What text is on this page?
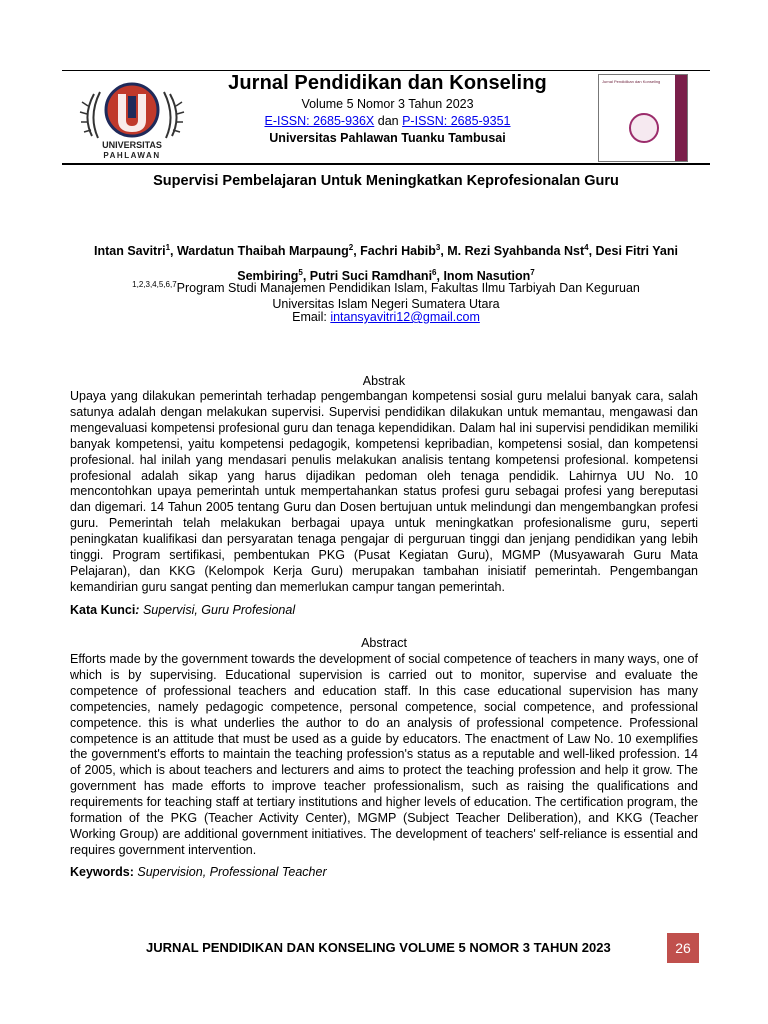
UNIVERSITAS
PAHLAWAN
Jurnal Pendidikan dan Konseling
Jurnal Pendidikan dan Konseling
Volume 5 Nomor 3 Tahun 2023
E-ISSN: 2685-936X dan P-ISSN: 2685-9351
Universitas Pahlawan Tuanku Tambusai
Supervisi Pembelajaran Untuk Meningkatkan Keprofesionalan Guru
Intan Savitri$^1$, Wardatun Thaibah Marpaung$^2$, Fachri Habib$^3$, M. Rezi Syahbanda Nst$^4$, Desi Fitri Yani Sembiring$^5$, Putri Suci Ramdhani$^6$, Inom Nasution$^7$
$^{1,2,3,4,5,6,7}$Program Studi Manajemen Pendidikan Islam, Fakultas Ilmu Tarbiyah Dan Keguruan
Universitas Islam Negeri Sumatera Utara
Email: intansyavitri12@gmail.com
Abstrak
Upaya yang dilakukan pemerintah terhadap pengembangan kompetensi sosial guru melalui banyak cara, salah satunya adalah dengan melakukan supervisi. Supervisi pendidikan dilakukan untuk memantau, mengawasi dan mengevaluasi kompetensi profesional guru dan tenaga kependidikan. Dalam hal ini supervisi pendidikan memiliki banyak kompetensi, yaitu kompetensi pedagogik, kompetensi kepribadian, kompetensi sosial, dan kompetensi profesional. hal inilah yang mendasari penulis melakukan analisis tentang kompetensi profesional. kompetensi profesional adalah sikap yang harus dijadikan pedoman oleh tenaga pendidik. Lahirnya UU No. 10 mencontohkan upaya pemerintah untuk mempertahankan status profesi guru sebagai profesi yang bereputasi dan digemari. 14 Tahun 2005 tentang Guru dan Dosen bertujuan untuk melindungi dan mengembangkan profesi guru. Pemerintah telah melakukan berbagai upaya untuk meningkatkan profesionalisme guru, seperti peningkatan kualifikasi dan persyaratan tenaga pengajar di perguruan tinggi dan jenjang pendidikan yang lebih tinggi. Program sertifikasi, pembentukan PKG (Pusat Kegiatan Guru), MGMP (Musyawarah Guru Mata Pelajaran), dan KKG (Kelompok Kerja Guru) merupakan tambahan inisiatif pemerintah. Pengembangan kemandirian guru sangat penting dan memerlukan campur tangan pemerintah.
Kata Kunci: Supervisi, Guru Profesional
Abstract
Efforts made by the government towards the development of social competence of teachers in many ways, one of which is by supervising. Educational supervision is carried out to monitor, supervise and evaluate the competence of professional teachers and education staff. In this case educational supervision has many competencies, namely pedagogic competence, personal competence, social competence, and professional competence. this is what underlies the author to do an analysis of professional competence. Professional competence is an attitude that must be used as a guide by educators. The enactment of Law No. 10 exemplifies the government's efforts to maintain the teaching profession's status as a reputable and well-liked profession. 14 of 2005, which is about teachers and lecturers and aims to protect the teaching profession and help it grow. The government has made efforts to improve teacher professionalism, such as raising the qualifications and requirements for teaching staff at tertiary institutions and higher levels of education. The certification program, the formation of the PKG (Teacher Activity Center), MGMP (Subject Teacher Deliberation), and KKG (Teacher Working Group) are additional government initiatives. The development of teachers' self-reliance is essential and requires government intervention.
Keywords: Supervision, Professional Teacher
JURNAL PENDIDIKAN DAN KONSELING VOLUME 5 NOMOR 3 TAHUN 2023	26
